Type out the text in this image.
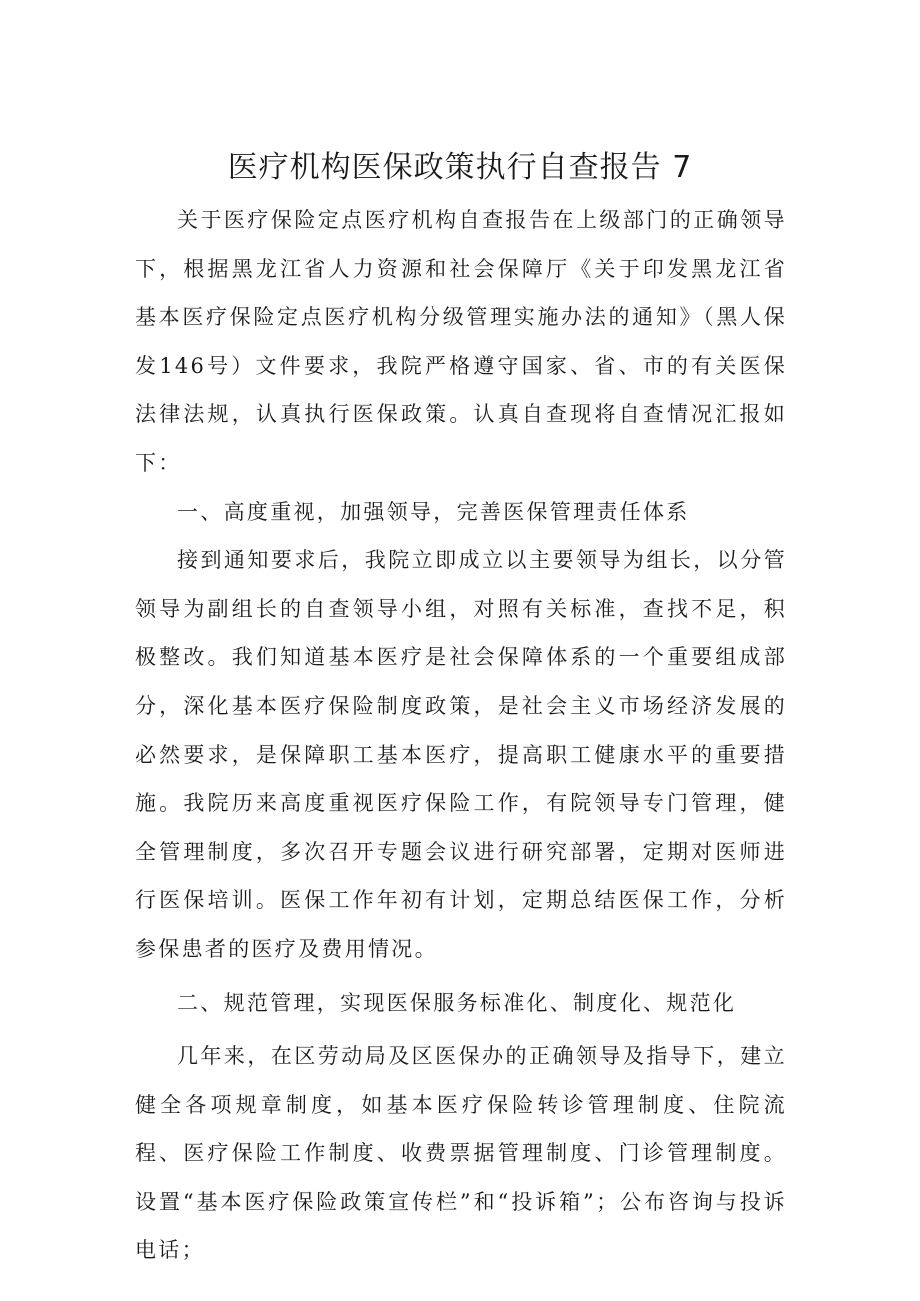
医疗机构医保政策执行自查报告 7

关于医疗保险定点医疗机构自查报告在上级部门的正确领导下，根据黑龙江省人力资源和社会保障厅《关于印发黑龙江省基本医疗保险定点医疗机构分级管理实施办法的通知》（黑人保发146号）文件要求，我院严格遵守国家、省、市的有关医保法律法规，认真执行医保政策。认真自查现将自查情况汇报如下：

一、高度重视，加强领导，完善医保管理责任体系

接到通知要求后，我院立即成立以主要领导为组长，以分管领导为副组长的自查领导小组，对照有关标准，查找不足，积极整改。我们知道基本医疗是社会保障体系的一个重要组成部分，深化基本医疗保险制度政策，是社会主义市场经济发展的必然要求，是保障职工基本医疗，提高职工健康水平的重要措施。我院历来高度重视医疗保险工作，有院领导专门管理，健全管理制度，多次召开专题会议进行研究部署，定期对医师进行医保培训。医保工作年初有计划，定期总结医保工作，分析参保患者的医疗及费用情况。

二、规范管理，实现医保服务标准化、制度化、规范化

几年来，在区劳动局及区医保办的正确领导及指导下，建立健全各项规章制度，如基本医疗保险转诊管理制度、住院流程、医疗保险工作制度、收费票据管理制度、门诊管理制度。设置“基本医疗保险政策宣传栏”和“投诉箱”；公布咨询与投诉电话；
